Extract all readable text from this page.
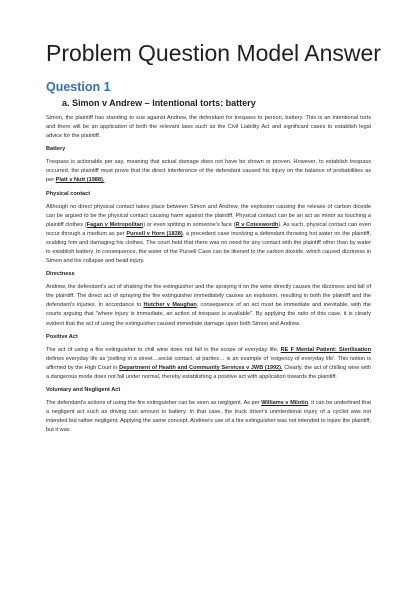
Problem Question Model Answer
Question 1
a. Simon v Andrew – Intentional torts: battery

Simon, the plaintiff has standing to sue against Andrew, the defendant for trespass to person, battery. This is an intentional torts and there will be an application of both the relevant laws such as the Civil Liability Act and significant cases to establish legal advice for the plaintiff.

Battery

Trespass is actionable per say, meaning that actual damage does not have be shown or proven. However, to establish trespass occurred, the plaintiff must prove that the direct interference of the defendant caused his injury on the balance of probabilities as per Platt v Nutt (1988).

Physical contact

Although no direct physical contact takes place between Simon and Andrew, the explosion causing the release of carbon dioxide can be argued to be the physical contact causing harm against the plaintiff. Physical contact can be an act as minor as touching a plaintiff clothes (Fagan v Metropolitan) or even spitting in someone's face (R v Coteswordh). As such, physical contact can even occur through a medium as per Pursell v Horn (1838), a precedent case involving a defendant throwing hot water on the plaintiff, scalding him and damaging his clothes. The court held that there was no need for any contact with the plaintiff other than by water to establish battery. In consequence, the water of the Pursell Case can be likened to the carbon dioxide, which caused dizziness in Simon and his collapse and head injury.

Directness

Andrew, the defendant's act of shaking the fire extinguisher and the spraying it on the wine directly causes the dizziness and fall of the plaintiff. The direct act of spraying the fire extinguisher immediately causes an explosion, resulting in both the plaintiff and the defendant's injuries. In accordance to Hutcher v Maughan, consequence of an act must be immediate and inevitable, with the courts arguing that "where injury is immediate, an action of trespass is available". By applying the ratio of this case, it is clearly evident that the act of using the extinguisher caused immediate damage upon both Simon and Andrew.

Positive Act

The act of using a fire extinguisher to chill wine does not fall in the scope of everyday life. RE F Mental Patient: Sterilisation defines everyday life as 'jostling in a street…social contact, at parties… is an example of 'exigency of everyday life'. This notion is affirmed by the High Court in Department of Health and Community Services v JWB (1992). Clearly, the act of chilling wine with a dangerous mode does not fall under normal, thereby establishing a positive act with application towards the plaintiff.

Voluntary and Negligent Act

The defendant's actions of using the fire extinguisher can be seen as negligent. As per Williams v Milotin, it can be underlined that a negligent act such as driving can amount to battery. In that case, the truck driver's unintentional injury of a cyclist was not intended but rather negligent. Applying the same concept, Andrew's use of a fire extinguisher was not intended to injure the plaintiff, but it was
